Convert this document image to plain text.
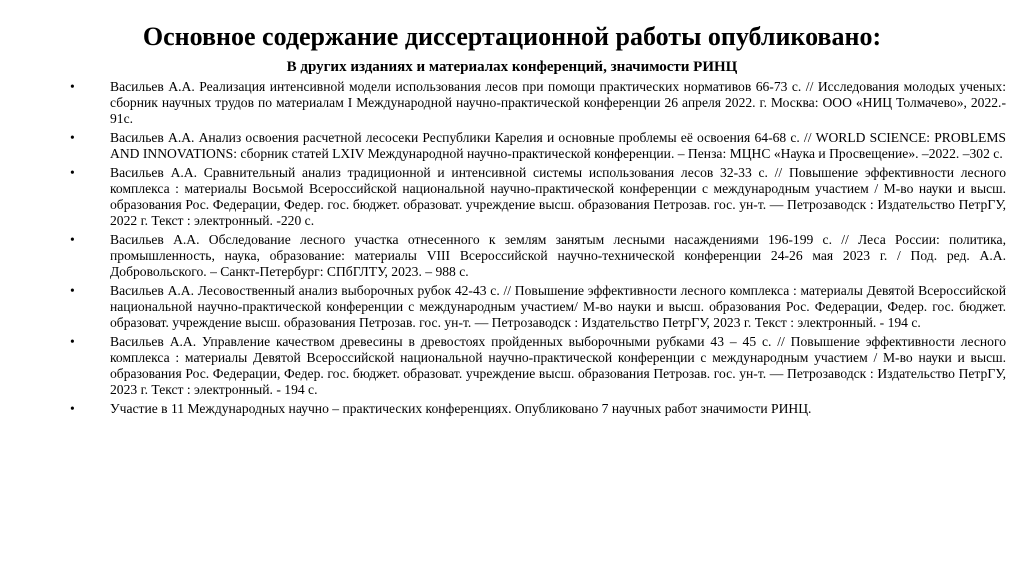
Основное содержание диссертационной работы опубликовано:
В других изданиях и материалах конференций, значимости РИНЦ
•	Васильев А.А. Реализация интенсивной модели использования лесов при помощи практических нормативов 66-73 с. // Исследования молодых ученых: сборник научных трудов по материалам I Международной научно-практической конференции 26 апреля 2022. г. Москва: ООО «НИЦ Толмачево», 2022.- 91с.
•	Васильев А.А. Анализ освоения расчетной лесосеки Республики Карелия и основные проблемы её освоения 64-68 с. // WORLD SCIENCE: PROBLEMS AND INNOVATIONS: сборник статей LXIV Международной научно-практической конференции. – Пенза: МЦНС «Наука и Просвещение». –2022. –302 с.
•	Васильев А.А. Сравнительный анализ традиционной и интенсивной системы использования лесов 32-33 с. // Повышение эффективности лесного комплекса : материалы Восьмой Всероссийской национальной научно-практической конференции с международным участием / М-во науки и высш. образования Рос. Федерации, Федер. гос. бюджет. образоват. учреждение высш. образования Петрозав. гос. ун-т. — Петрозаводск : Издательство ПетрГУ, 2022 г. Текст : электронный. -220 с.
•	Васильев А.А. Обследование лесного участка отнесенного к землям занятым лесными насаждениями 196-199 с. // Леса России: политика, промышленность, наука, образование: материалы VIII Всероссийской научно-технической конференции 24-26 мая 2023 г. / Под. ред. А.А. Добровольского. – Санкт-Петербург: СПбГЛТУ, 2023. – 988 с.
•	Васильев А.А. Лесовоственный анализ выборочных рубок 42-43 с. // Повышение эффективности лесного комплекса : материалы Девятой Всероссийской национальной научно-практической конференции с международным участием/ М-во науки и высш. образования Рос. Федерации, Федер. гос. бюджет. образоват. учреждение высш. образования Петрозав. гос. ун-т. — Петрозаводск : Издательство ПетрГУ, 2023 г. Текст : электронный. - 194 с.
•	Васильев А.А. Управление качеством древесины в древостоях пройденных выборочными рубками 43 – 45 с. // Повышение эффективности лесного комплекса : материалы Девятой Всероссийской национальной научно-практической конференции с международным участием / М-во науки и высш. образования Рос. Федерации, Федер. гос. бюджет. образоват. учреждение высш. образования Петрозав. гос. ун-т. — Петрозаводск : Издательство ПетрГУ, 2023 г. Текст : электронный. - 194 с.
•	Участие в 11 Международных научно – практических конференциях. Опубликовано 7 научных работ значимости РИНЦ.
